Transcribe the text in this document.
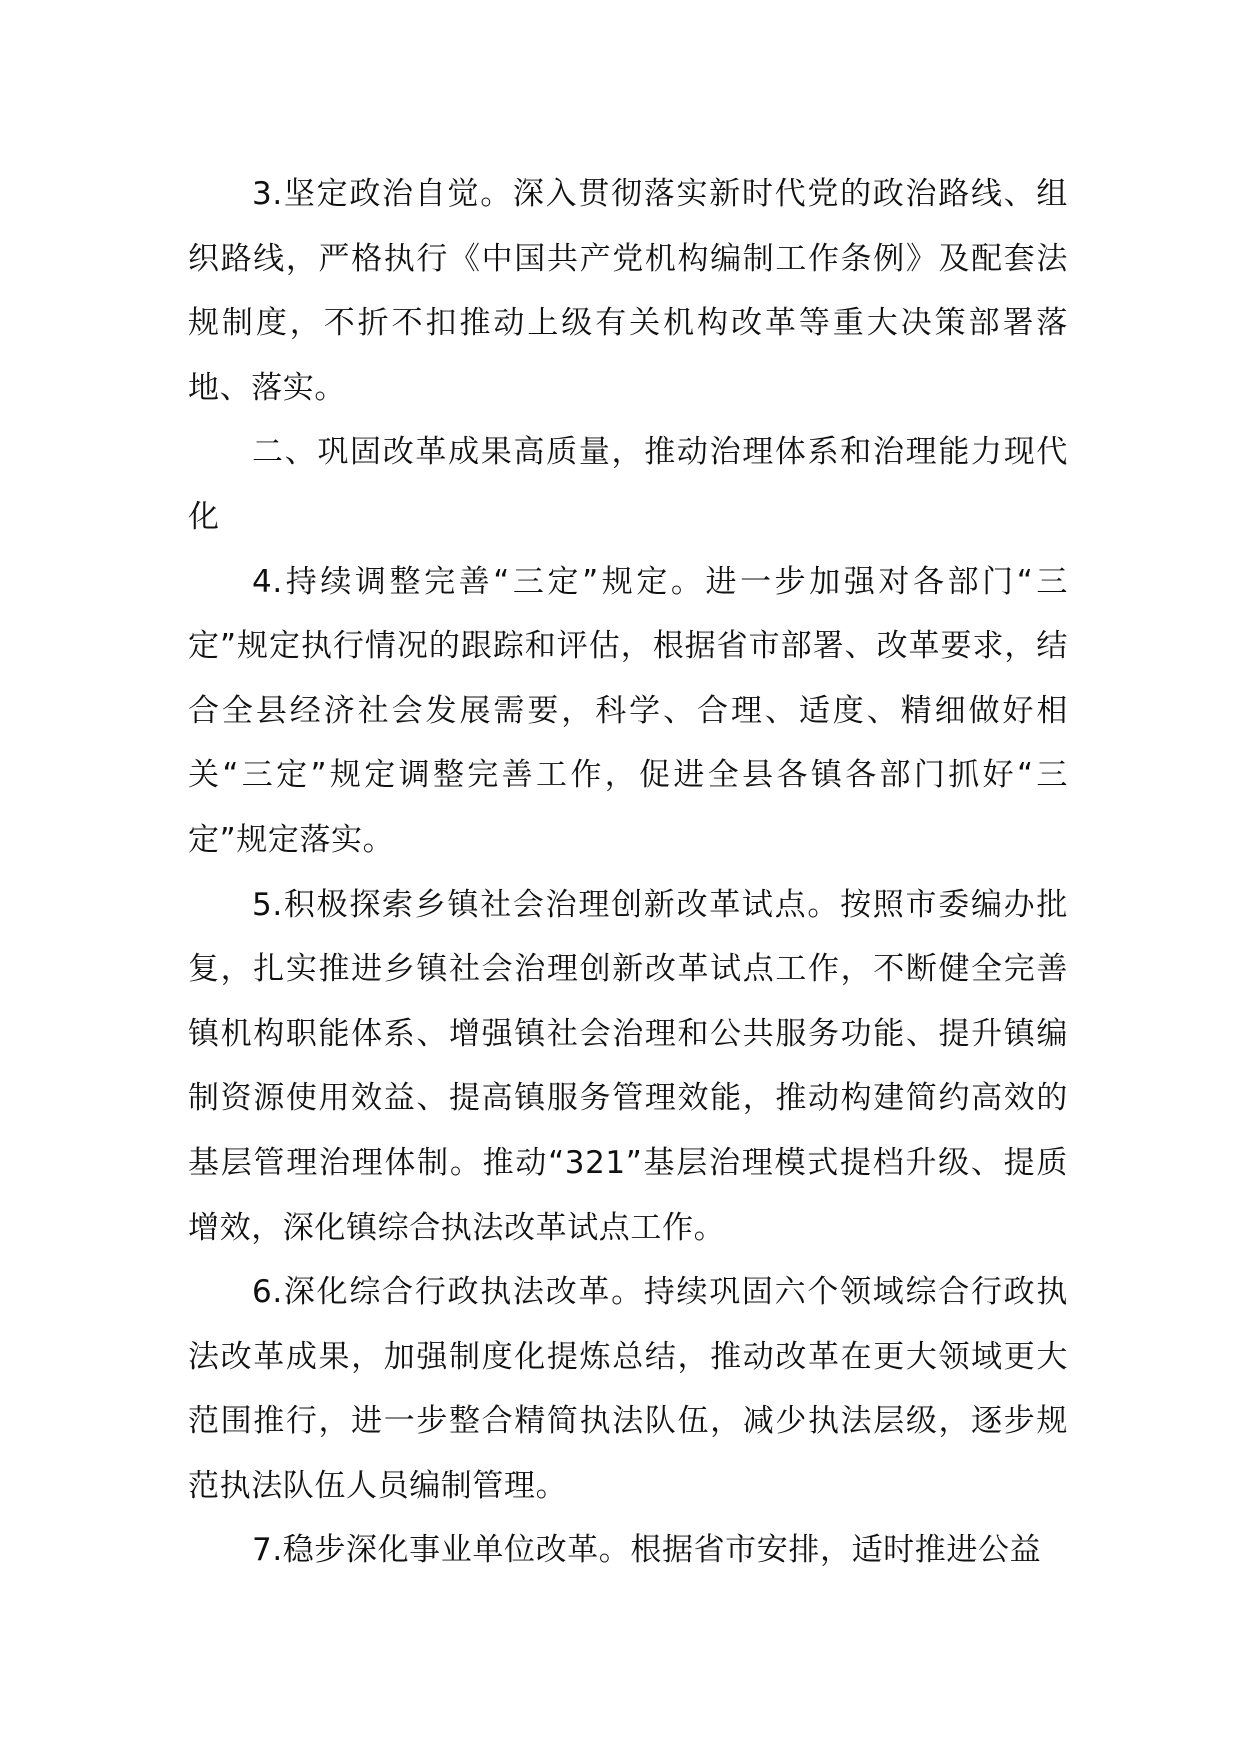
3.坚定政治自觉。深入贯彻落实新时代党的政治路线、组织路线，严格执行《中国共产党机构编制工作条例》及配套法规制度，不折不扣推动上级有关机构改革等重大决策部署落地、落实。

二、巩固改革成果高质量，推动治理体系和治理能力现代化

4.持续调整完善“三定”规定。进一步加强对各部门“三定”规定执行情况的跟踪和评估，根据省市部署、改革要求，结合全县经济社会发展需要，科学、合理、适度、精细做好相关“三定”规定调整完善工作，促进全县各镇各部门抓好“三定”规定落实。

5.积极探索乡镇社会治理创新改革试点。按照市委编办批复，扎实推进乡镇社会治理创新改革试点工作，不断健全完善镇机构职能体系、增强镇社会治理和公共服务功能、提升镇编制资源使用效益、提高镇服务管理效能，推动构建简约高效的基层管理治理体制。推动“321”基层治理模式提档升级、提质增效，深化镇综合执法改革试点工作。

6.深化综合行政执法改革。持续巩固六个领域综合行政执法改革成果，加强制度化提炼总结，推动改革在更大领域更大范围推行，进一步整合精简执法队伍，减少执法层级，逐步规范执法队伍人员编制管理。

7.稳步深化事业单位改革。根据省市安排，适时推进公益
